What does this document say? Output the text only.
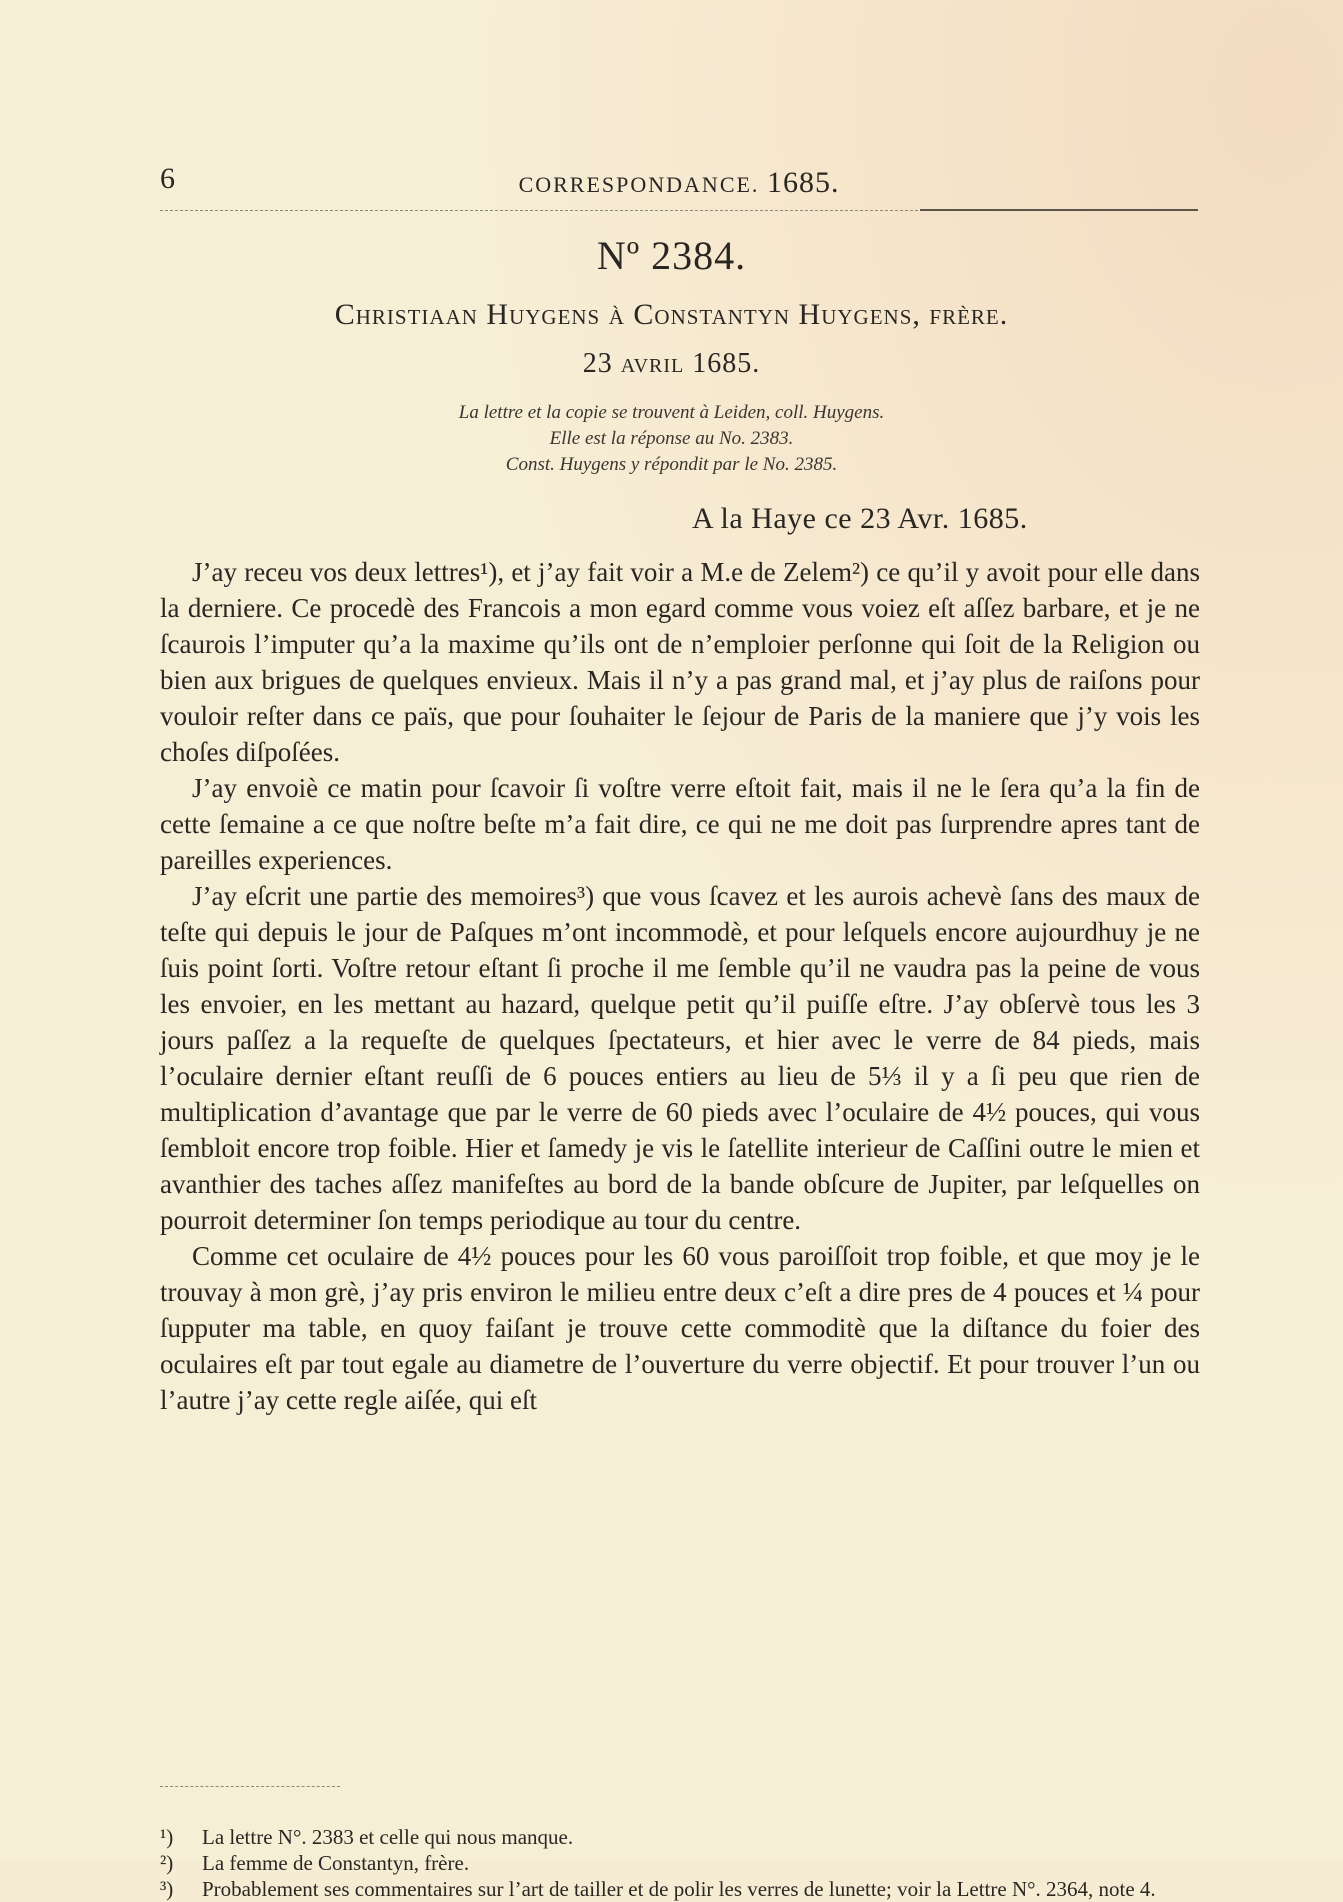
6	CORRESPONDANCE. 1685.
Nº 2384.
Christiaan Huygens à Constantyn Huygens, frère.
23 avril 1685.
La lettre et la copie se trouvent à Leiden, coll. Huygens.
Elle est la réponse au No. 2383.
Const. Huygens y répondit par le No. 2385.
A la Haye ce 23 Avr. 1685.

J’ay receu vos deux lettres¹), et j’ay fait voir a M.e de Zelem²) ce qu’il y avoit pour elle dans la derniere. Ce procedè des Francois a mon egard comme vous voiez eſt aſſez barbare, et je ne ſcaurois l’imputer qu’a la maxime qu’ils ont de n’emploier perſonne qui ſoit de la Religion ou bien aux brigues de quelques envieux. Mais il n’y a pas grand mal, et j’ay plus de raiſons pour vouloir reſter dans ce païs, que pour ſouhaiter le ſejour de Paris de la maniere que j’y vois les choſes diſpoſées.

J’ay envoiè ce matin pour ſcavoir ſi voſtre verre eſtoit fait, mais il ne le ſera qu’a la fin de cette ſemaine a ce que noſtre beſte m’a fait dire, ce qui ne me doit pas ſurprendre apres tant de pareilles experiences.

J’ay eſcrit une partie des memoires³) que vous ſcavez et les aurois achevè ſans des maux de teſte qui depuis le jour de Paſques m’ont incommodè, et pour leſquels encore aujourdhuy je ne ſuis point ſorti. Voſtre retour eſtant ſi proche il me ſemble qu’il ne vaudra pas la peine de vous les envoier, en les mettant au hazard, quelque petit qu’il puiſſe eſtre. J’ay obſervè tous les 3 jours paſſez a la requeſte de quelques ſpectateurs, et hier avec le verre de 84 pieds, mais l’oculaire dernier eſtant reuſſi de 6 pouces entiers au lieu de 5⅓ il y a ſi peu que rien de multiplication d’avantage que par le verre de 60 pieds avec l’oculaire de 4½ pouces, qui vous ſembloit encore trop foible. Hier et ſamedy je vis le ſatellite interieur de Caſſini outre le mien et avanthier des taches aſſez manifeſtes au bord de la bande obſcure de Jupiter, par leſquelles on pourroit determiner ſon temps periodique au tour du centre.

Comme cet oculaire de 4½ pouces pour les 60 vous paroiſſoit trop foible, et que moy je le trouvay à mon grè, j’ay pris environ le milieu entre deux c’eſt a dire pres de 4 pouces et ¼ pour ſupputer ma table, en quoy faiſant je trouve cette commoditè que la diſtance du foier des oculaires eſt par tout egale au diametre de l’ouverture du verre objectif. Et pour trouver l’un ou l’autre j’ay cette regle aiſée, qui eſt

¹) La lettre N°. 2383 et celle qui nous manque.
²) La femme de Constantyn, frère.
³) Probablement ses commentaires sur l’art de tailler et de polir les verres de lunette; voir la Lettre N°. 2364, note 4.
